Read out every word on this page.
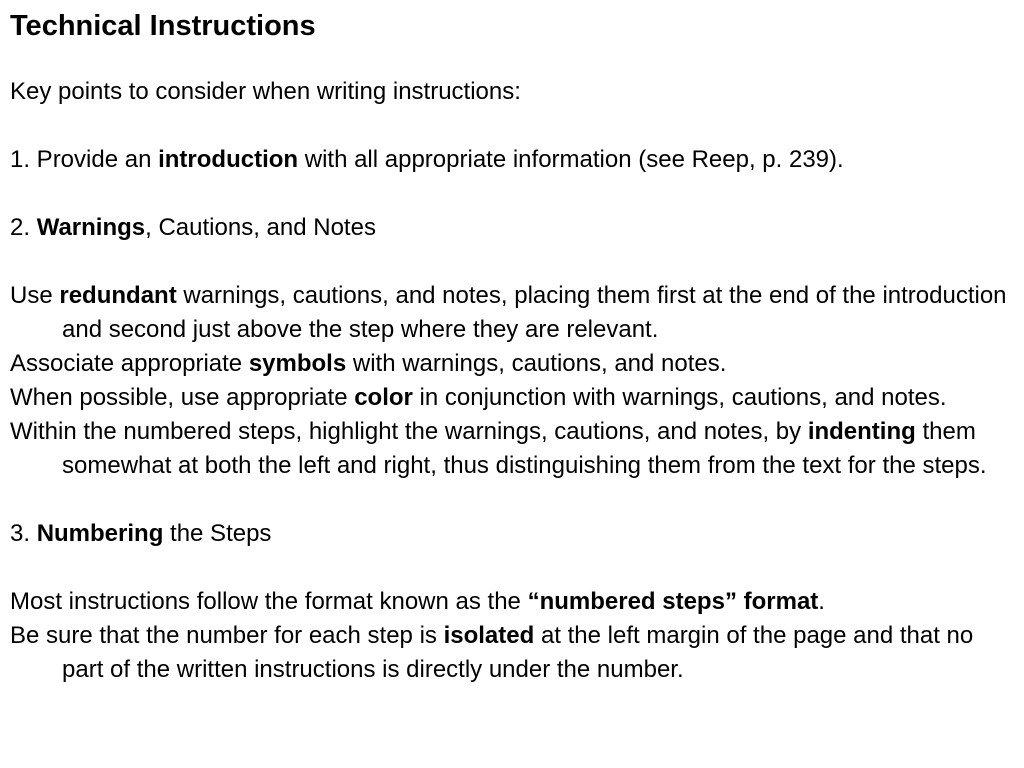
Technical Instructions

Key points to consider when writing instructions:

1. Provide an introduction with all appropriate information (see Reep, p. 239).

2. Warnings, Cautions, and Notes

Use redundant warnings, cautions, and notes, placing them first at the end of the introduction and second just above the step where they are relevant.

Associate appropriate symbols with warnings, cautions, and notes.

When possible, use appropriate color in conjunction with warnings, cautions, and notes.

Within the numbered steps, highlight the warnings, cautions, and notes, by indenting them somewhat at both the left and right, thus distinguishing them from the text for the steps.

3. Numbering the Steps

Most instructions follow the format known as the “numbered steps” format.

Be sure that the number for each step is isolated at the left margin of the page and that no part of the written instructions is directly under the number.
